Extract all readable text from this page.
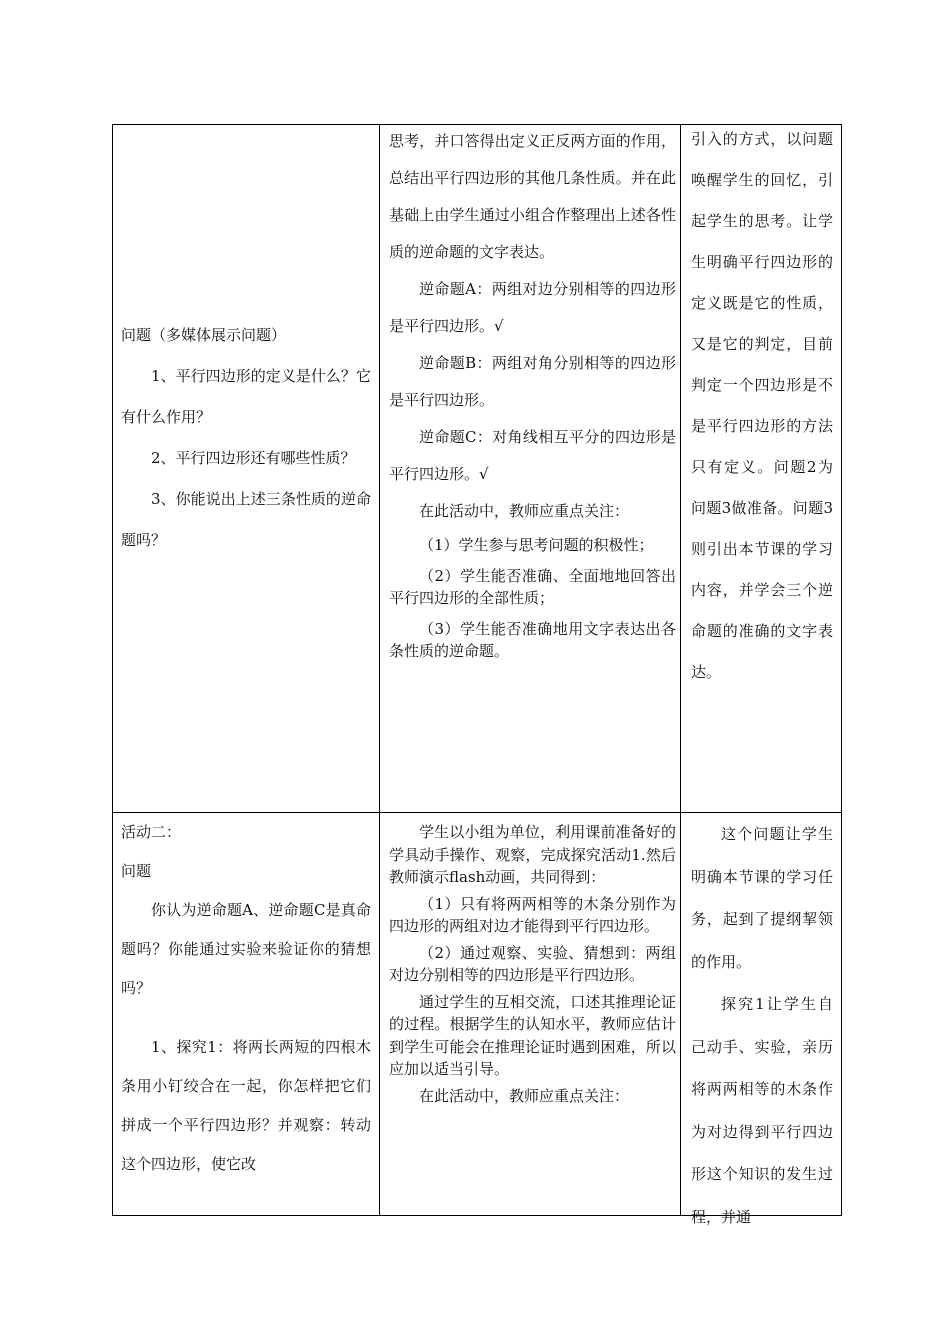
问题（多媒体展示问题）

1、平行四边形的定义是什么？它有什么作用？

2、平行四边形还有哪些性质？

3、你能说出上述三条性质的逆命题吗？

思考，并口答得出定义正反两方面的作用，总结出平行四边形的其他几条性质。并在此基础上由学生通过小组合作整理出上述各性质的逆命题的文字表达。

逆命题A：两组对边分别相等的四边形是平行四边形。√

逆命题B：两组对角分别相等的四边形是平行四边形。

逆命题C：对角线相互平分的四边形是平行四边形。√

在此活动中，教师应重点关注：

（1）学生参与思考问题的积极性；

（2）学生能否准确、全面地地回答出平行四边形的全部性质；

（3）学生能否准确地用文字表达出各条性质的逆命题。

引入的方式，以问题唤醒学生的回忆，引起学生的思考。让学生明确平行四边形的定义既是它的性质，又是它的判定，目前判定一个四边形是不是平行四边形的方法只有定义。问题2为问题3做准备。问题3则引出本节课的学习内容，并学会三个逆命题的准确的文字表达。

活动二：

问题

你认为逆命题A、逆命题C是真命题吗？你能通过实验来验证你的猜想吗？

1、探究1：将两长两短的四根木条用小钉绞合在一起，你怎样把它们拼成一个平行四边形？并观察：转动这个四边形，使它改

学生以小组为单位，利用课前准备好的学具动手操作、观察，完成探究活动1.然后教师演示flash动画，共同得到：

（1）只有将两两相等的木条分别作为四边形的两组对边才能得到平行四边形。

（2）通过观察、实验、猜想到：两组对边分别相等的四边形是平行四边形。

通过学生的互相交流，口述其推理论证的过程。根据学生的认知水平，教师应估计到学生可能会在推理论证时遇到困难，所以应加以适当引导。

在此活动中，教师应重点关注：

这个问题让学生明确本节课的学习任务，起到了提纲挈领的作用。

探究1让学生自己动手、实验，亲历将两两相等的木条作为对边得到平行四边形这个知识的发生过程，并通
